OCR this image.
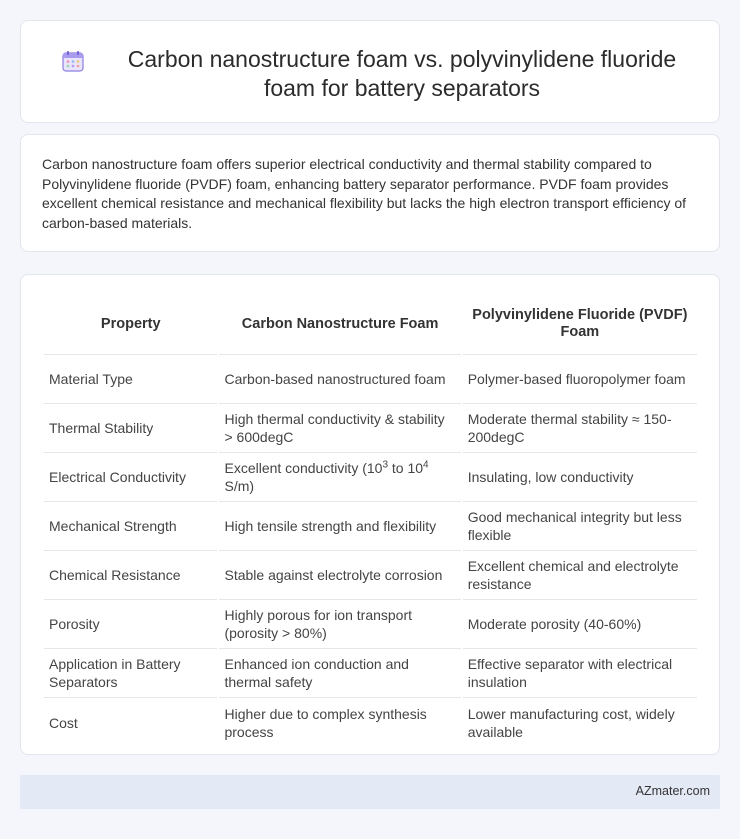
Carbon nanostructure foam vs. polyvinylidene fluoride foam for battery separators

Carbon nanostructure foam offers superior electrical conductivity and thermal stability compared to Polyvinylidene fluoride (PVDF) foam, enhancing battery separator performance. PVDF foam provides excellent chemical resistance and mechanical flexibility but lacks the high electron transport efficiency of carbon-based materials.

Property	Carbon Nanostructure Foam	Polyvinylidene Fluoride (PVDF) Foam
Material Type	Carbon-based nanostructured foam	Polymer-based fluoropolymer foam
Thermal Stability	High thermal conductivity & stability > 600degC	Moderate thermal stability ≈ 150-200degC
Electrical Conductivity	Excellent conductivity ($10^3$ to $10^4$ S/m)	Insulating, low conductivity
Mechanical Strength	High tensile strength and flexibility	Good mechanical integrity but less flexible
Chemical Resistance	Stable against electrolyte corrosion	Excellent chemical and electrolyte resistance
Porosity	Highly porous for ion transport (porosity > 80%)	Moderate porosity (40-60%)
Application in Battery Separators	Enhanced ion conduction and thermal safety	Effective separator with electrical insulation
Cost	Higher due to complex synthesis process	Lower manufacturing cost, widely available
AZmater.com
